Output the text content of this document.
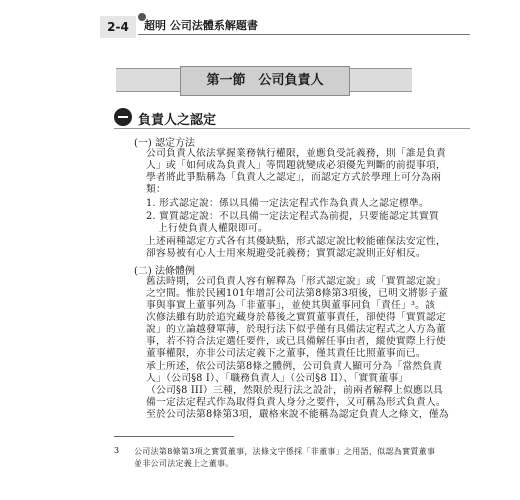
2-4	超明 公司法體系解題書
第一節　公司負責人
負責人之認定
(一) 認定方法
公司負責人依法掌握業務執行權限，並應負受託義務，則「誰是負責
人」或「如何成為負責人」等問題就變成必須優先判斷的前提事項，
學者將此爭點稱為「負責人之認定」，而認定方式於學理上可分為兩
類：
1. 形式認定說：係以具備一定法定程式作為負責人之認定標準。
2. 實質認定說：不以具備一定法定程式為前提，只要能認定其實質
上行使負責人權限即可。
上述兩種認定方式各有其優缺點，形式認定說比較能確保法安定性，
卻容易被有心人士用來規避受託義務；實質認定說則正好相反。
(二) 法條體例
舊法時期，公司負責人容有解釋為「形式認定說」或「實質認定說」
之空間。惟於民國101年增訂公司法第8條第3項後，已明文將影子董
事與事實上董事列為「非董事」，並使其與董事同負「責任」³。該
次修法雖有助於追究藏身於幕後之實質董事責任，卻使得「實質認定
說」的立論越發單薄，於現行法下似乎僅有具備法定程式之人方為董
事，若不符合法定選任要件，或已具備解任事由者，縱使實際上行使
董事權限，亦非公司法定義下之董事，僅其責任比照董事而已。
承上所述，依公司法第8條之體例，公司負責人顯可分為「當然負責
人」（公司§8 I）、「職務負責人」（公司§8 II）、「實質董事」
（公司§8 III）三種，然限於現行法之設計，前兩者解釋上似應以具
備一定法定程式作為取得負責人身分之要件，又可稱為形式負責人。
至於公司法第8條第3項，嚴格來說不能稱為認定負責人之條文，僅為
3 公司法第8條第3項之實質董事，法條文字係採「非董事」之用語，似認為實質董事
並非公司法定義上之董事。
